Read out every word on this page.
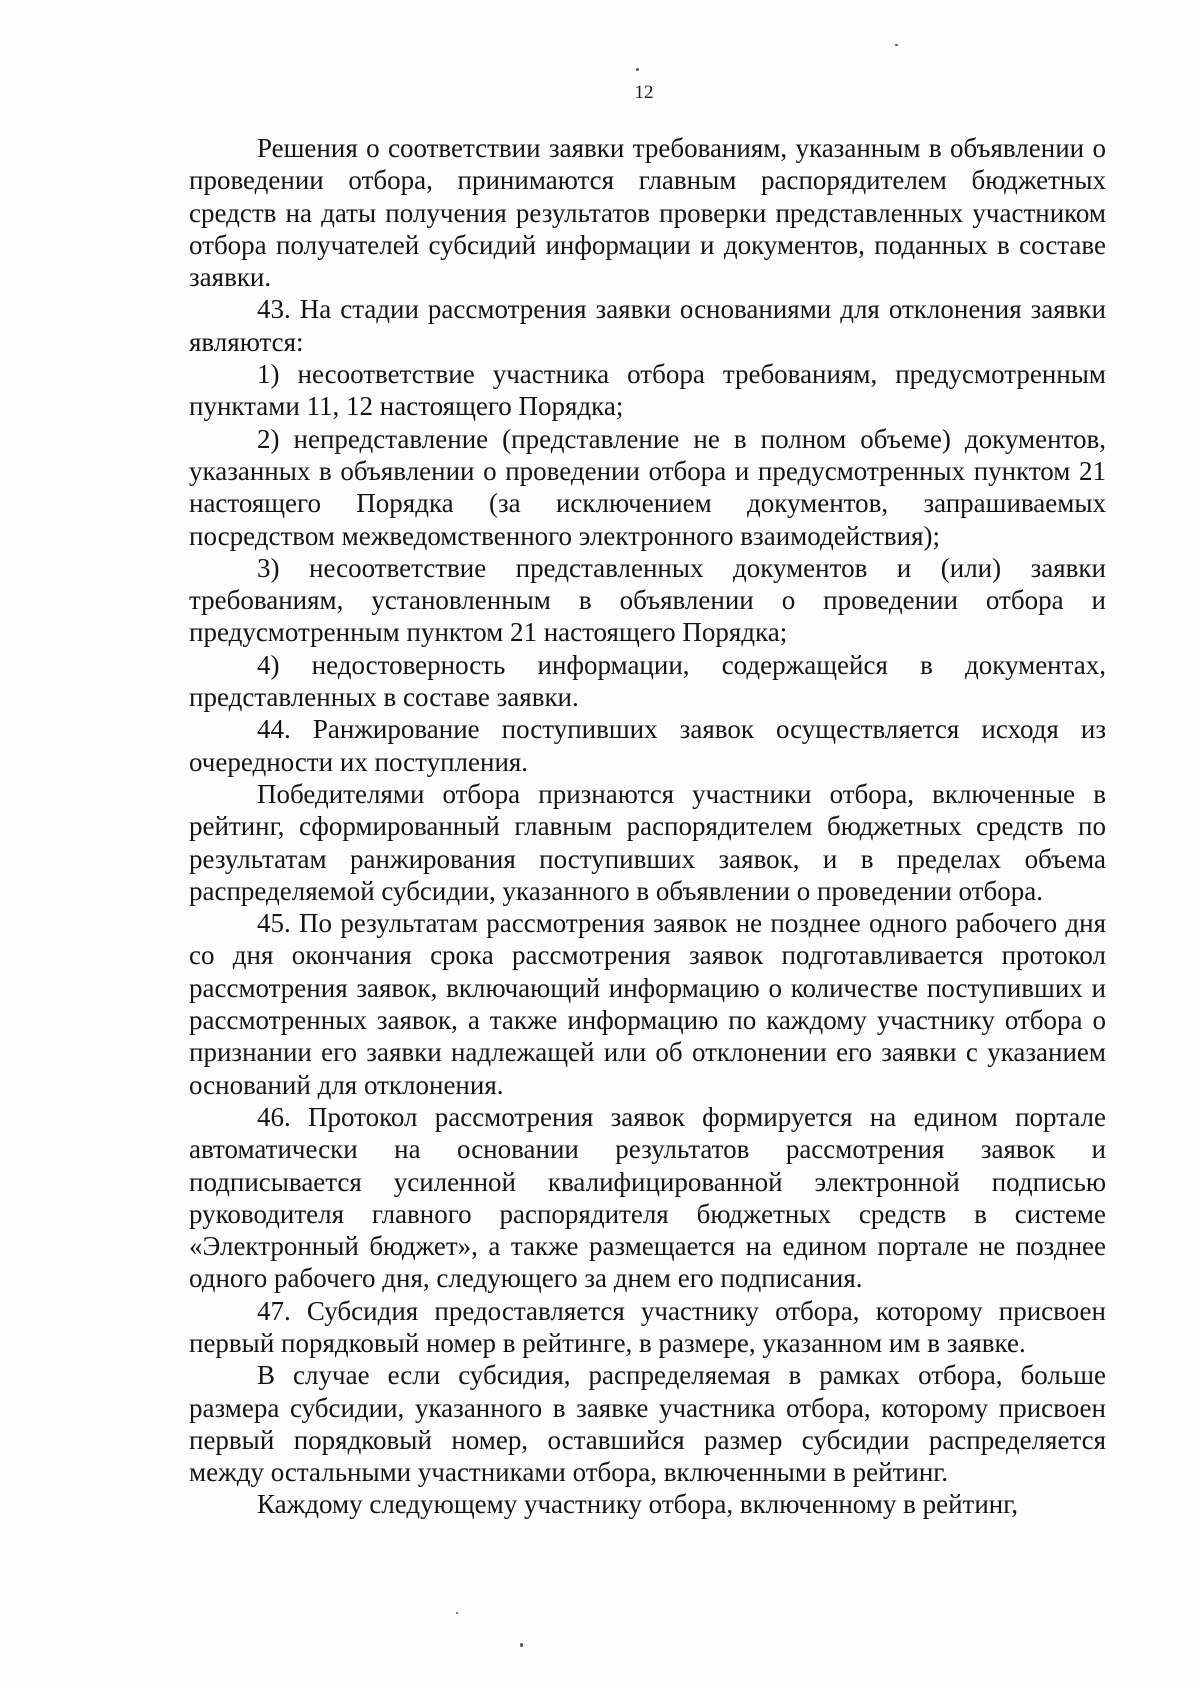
12

Решения о соответствии заявки требованиям, указанным в объявлении о проведении отбора, принимаются главным распорядителем бюджетных средств на даты получения результатов проверки представленных участником отбора получателей субсидий информации и документов, поданных в составе заявки.

43. На стадии рассмотрения заявки основаниями для отклонения заявки являются:

1) несоответствие участника отбора требованиям, предусмотренным пунктами 11, 12 настоящего Порядка;

2) непредставление (представление не в полном объеме) документов, указанных в объявлении о проведении отбора и предусмотренных пунктом 21 настоящего Порядка (за исключением документов, запрашиваемых посредством межведомственного электронного взаимодействия);

3) несоответствие представленных документов и (или) заявки требованиям, установленным в объявлении о проведении отбора и предусмотренным пунктом 21 настоящего Порядка;

4) недостоверность информации, содержащейся в документах, представленных в составе заявки.

44. Ранжирование поступивших заявок осуществляется исходя из очередности их поступления.

Победителями отбора признаются участники отбора, включенные в рейтинг, сформированный главным распорядителем бюджетных средств по результатам ранжирования поступивших заявок, и в пределах объема распределяемой субсидии, указанного в объявлении о проведении отбора.

45. По результатам рассмотрения заявок не позднее одного рабочего дня со дня окончания срока рассмотрения заявок подготавливается протокол рассмотрения заявок, включающий информацию о количестве поступивших и рассмотренных заявок, а также информацию по каждому участнику отбора о признании его заявки надлежащей или об отклонении его заявки с указанием оснований для отклонения.

46. Протокол рассмотрения заявок формируется на едином портале автоматически на основании результатов рассмотрения заявок и подписывается усиленной квалифицированной электронной подписью руководителя главного распорядителя бюджетных средств в системе «Электронный бюджет», а также размещается на едином портале не позднее одного рабочего дня, следующего за днем его подписания.

47. Субсидия предоставляется участнику отбора, которому присвоен первый порядковый номер в рейтинге, в размере, указанном им в заявке.

В случае если субсидия, распределяемая в рамках отбора, больше размера субсидии, указанного в заявке участника отбора, которому присвоен первый порядковый номер, оставшийся размер субсидии распределяется между остальными участниками отбора, включенными в рейтинг.

Каждому следующему участнику отбора, включенному в рейтинг,
